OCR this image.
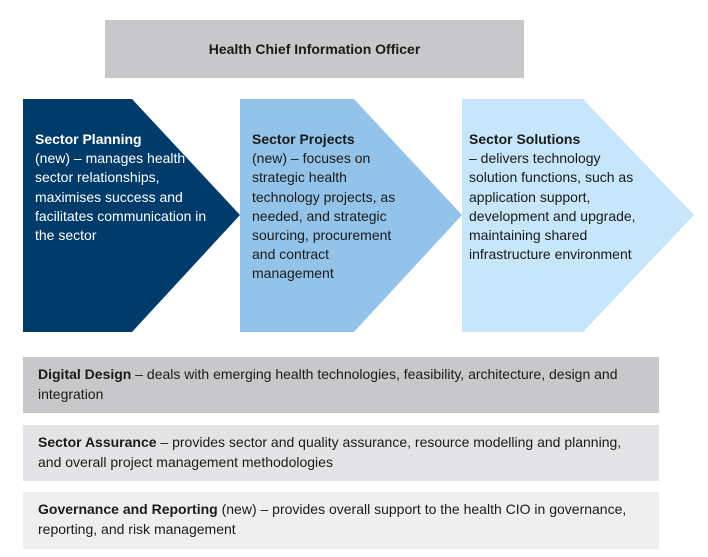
Health Chief Information Officer
Sector Planning
(new) – manages health sector relationships, maximises success and facilitates communication in the sector
Sector Projects
(new) – focuses on strategic health technology projects, as needed, and strategic sourcing, procurement and contract management
Sector Solutions
– delivers technology solution functions, such as application support, development and upgrade, maintaining shared infrastructure environment
Digital Design – deals with emerging health technologies, feasibility, architecture, design and integration
Sector Assurance – provides sector and quality assurance, resource modelling and planning, and overall project management methodologies
Governance and Reporting (new) – provides overall support to the health CIO in governance, reporting, and risk management
